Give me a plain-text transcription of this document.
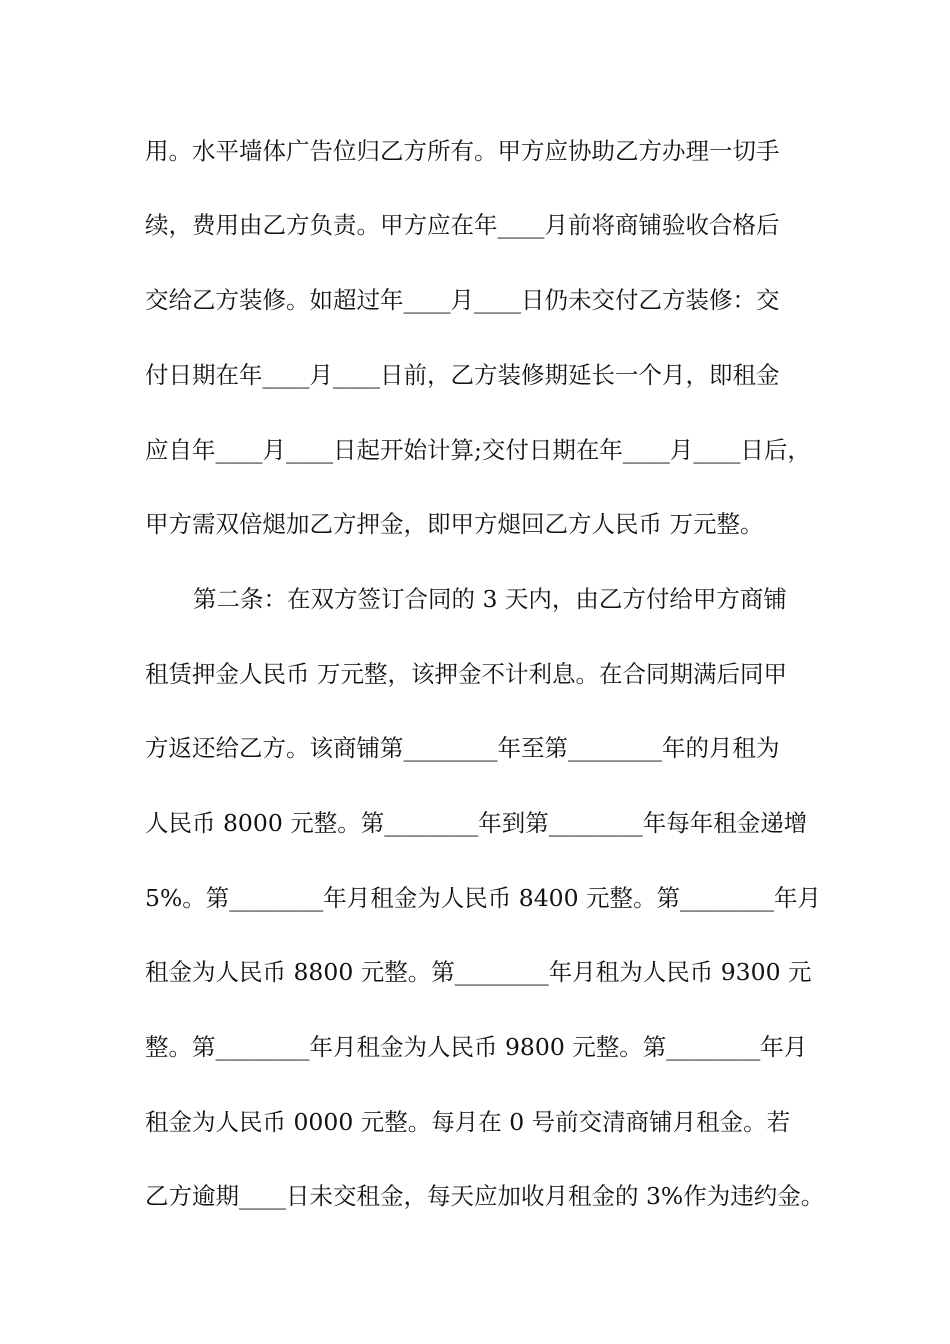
用。水平墙体广告位归乙方所有。甲方应协助乙方办理一切手

续，费用由乙方负责。甲方应在年____月前将商铺验收合格后

交给乙方装修。如超过年____月____日仍未交付乙方装修：交

付日期在年____月____日前，乙方装修期延长一个月，即租金

应自年____月____日起开始计算;交付日期在年____月____日后，

甲方需双倍煺加乙方押金，即甲方煺回乙方人民币 万元整。

第二条：在双方签订合同的 3 天内，由乙方付给甲方商铺

租赁押金人民币 万元整，该押金不计利息。在合同期满后同甲

方返还给乙方。该商铺第________年至第________年的月租为

人民币 8000 元整。第________年到第________年每年租金递增

5%。第________年月租金为人民币 8400 元整。第________年月

租金为人民币 8800 元整。第________年月租为人民币 9300 元

整。第________年月租金为人民币 9800 元整。第________年月

租金为人民币 0000 元整。每月在 0 号前交清商铺月租金。若

乙方逾期____日未交租金，每天应加收月租金的 3%作为违约金。
